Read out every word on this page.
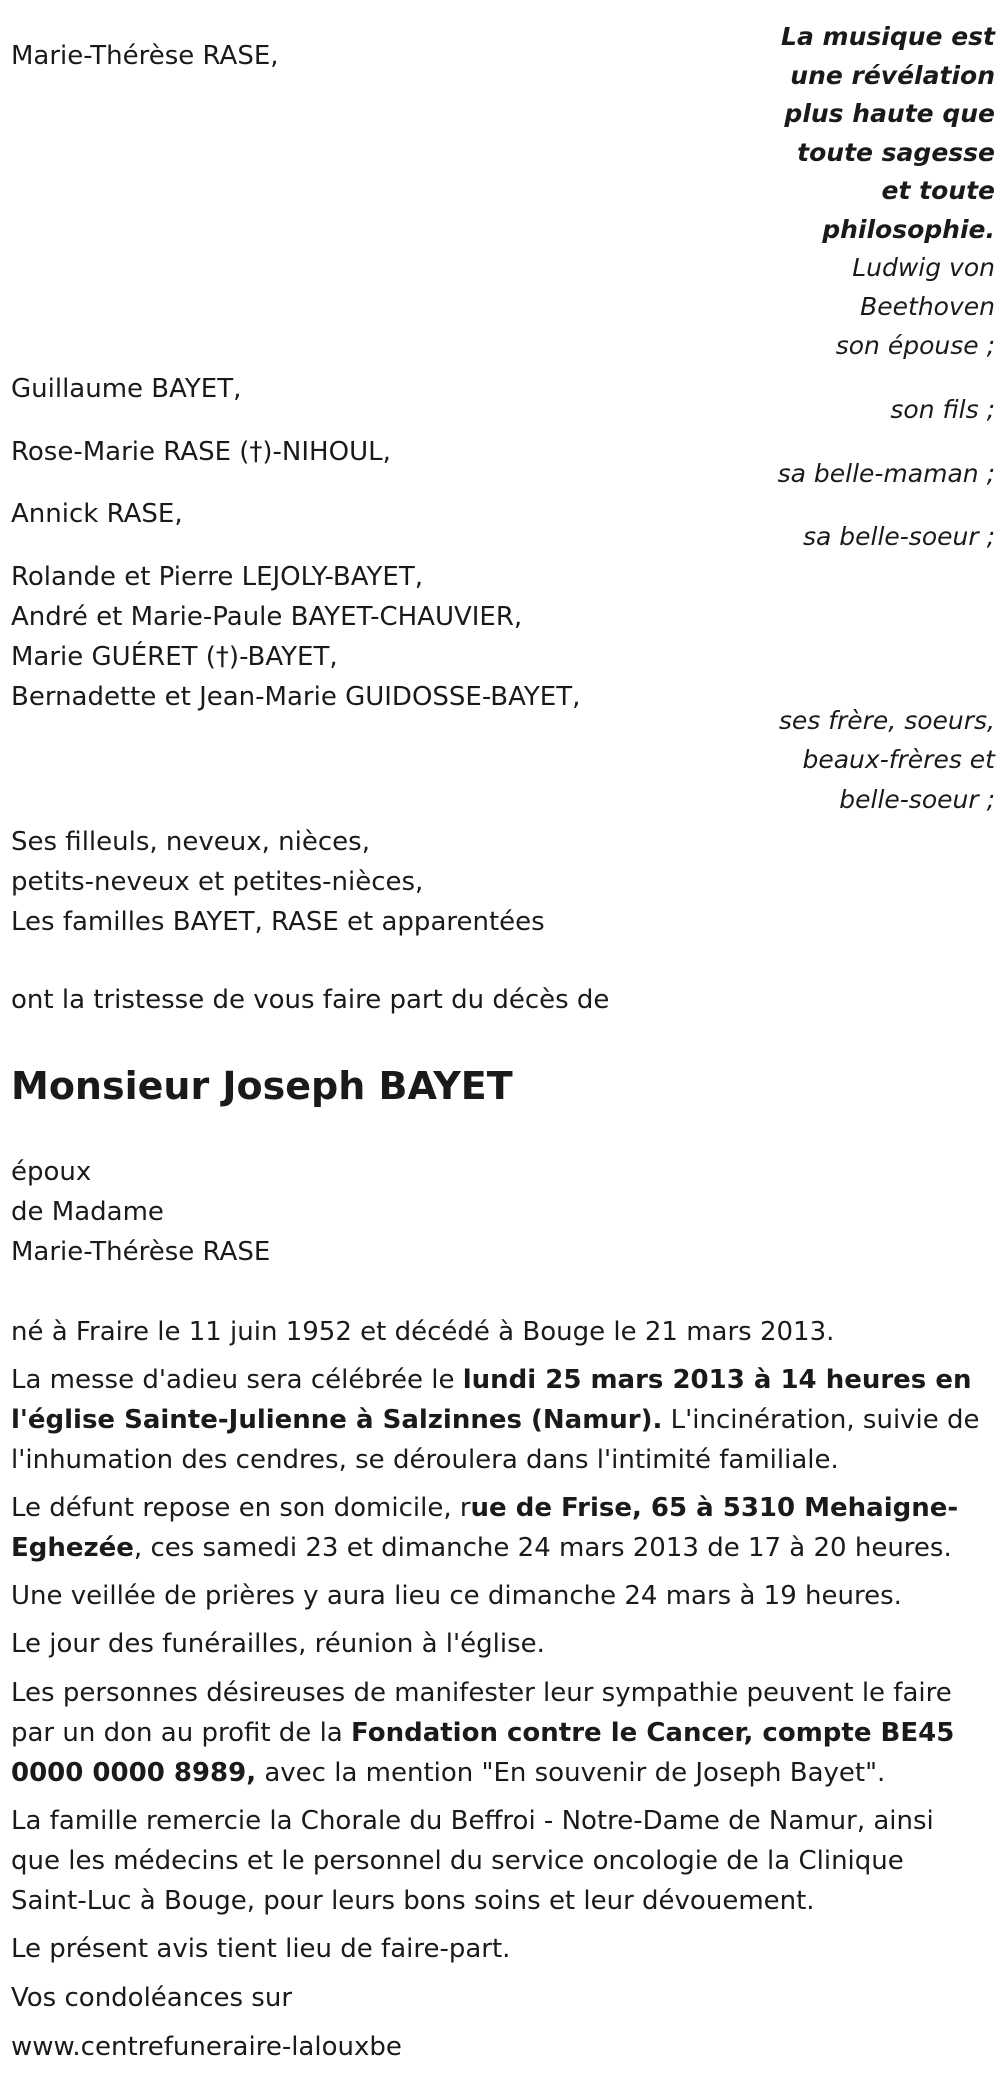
La musique est
une révélation
plus haute que
toute sagesse
et toute
philosophie.
Ludwig von
Beethoven
Marie-Thérèse RASE,
son épouse ;
Guillaume BAYET,
son fils ;
Rose-Marie RASE (†)-NIHOUL,
sa belle-maman ;
Annick RASE,
sa belle-soeur ;
Rolande et Pierre LEJOLY-BAYET,
André et Marie-Paule BAYET-CHAUVIER,
Marie GUÉRET (†)-BAYET,
Bernadette et Jean-Marie GUIDOSSE-BAYET,
ses frère, soeurs,
beaux-frères et
belle-soeur ;
Ses filleuls, neveux, nièces,
petits-neveux et petites-nièces,
Les familles BAYET, RASE et apparentées
ont la tristesse de vous faire part du décès de
Monsieur Joseph BAYET
époux
de Madame
Marie-Thérèse RASE
né à Fraire le 11 juin 1952 et décédé à Bouge le 21 mars 2013.
La messe d'adieu sera célébrée le lundi 25 mars 2013 à 14 heures en
l'église Sainte-Julienne à Salzinnes (Namur). L'incinération, suivie de
l'inhumation des cendres, se déroulera dans l'intimité familiale.
Le défunt repose en son domicile, rue de Frise, 65 à 5310 Mehaigne-
Eghezée, ces samedi 23 et dimanche 24 mars 2013 de 17 à 20 heures.
Une veillée de prières y aura lieu ce dimanche 24 mars à 19 heures.
Le jour des funérailles, réunion à l'église.
Les personnes désireuses de manifester leur sympathie peuvent le faire
par un don au profit de la Fondation contre le Cancer, compte BE45
0000 0000 8989, avec la mention "En souvenir de Joseph Bayet".
La famille remercie la Chorale du Beffroi - Notre-Dame de Namur, ainsi
que les médecins et le personnel du service oncologie de la Clinique
Saint-Luc à Bouge, pour leurs bons soins et leur dévouement.
Le présent avis tient lieu de faire-part.
Vos condoléances sur
www.centrefuneraire-lalouxbe
